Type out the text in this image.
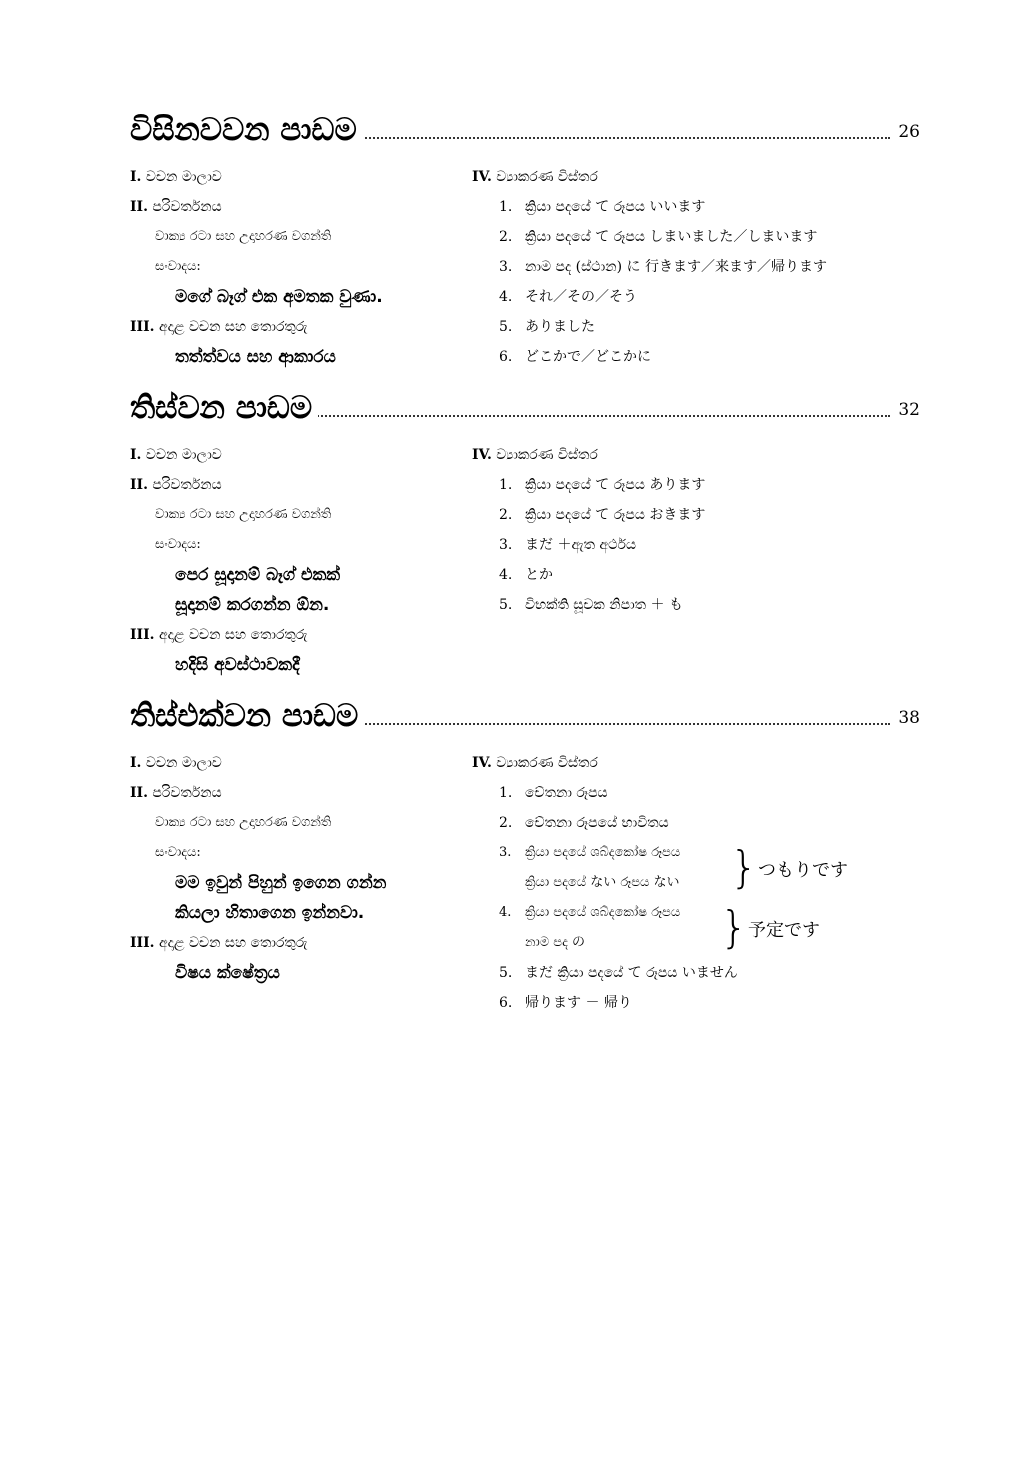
විසිනවවන පාඩම	26
I. වචන මාලාව
II. පරිවර්තනය
වාක්‍ය රටා සහ උදාහරණ වගන්ති
සංවාදය:
මගේ බෑග් එක අමතක වුණා.
III. අදාළ වචන සහ තොරතුරු
තත්ත්වය සහ ආකාරය
IV. ව්‍යාකරණ විස්තර
1. ක්‍රියා පදයේ て රූපය いいます
2. ක්‍රියා පදයේ て රූපය しまいました／しまいます
3. නාම පද (ස්ථාන) に 行きます／来ます／帰ります
4. それ／その／そう
5. ありました
6. どこかで／どこかに
තිස්වන පාඩම	32
I. වචන මාලාව
II. පරිවර්තනය
වාක්‍ය රටා සහ උදාහරණ වගන්ති
සංවාදය:
පෙර සූදානම් බෑග් එකක්
සූදානම් කරගන්න ඕන.
III. අදාළ වචන සහ තොරතුරු
හදිසි අවස්ථාවකදී
IV. ව්‍යාකරණ විස්තර
1. ක්‍රියා පදයේ て රූපය あります
2. ක්‍රියා පදයේ て රූපය おきます
3. まだ ＋ඇත අර්ථය
4. とか
5. විභක්ති සූචක නිපාත ＋ も
තිස්එක්වන පාඩම	38
I. වචන මාලාව
II. පරිවර්තනය
වාක්‍ය රටා සහ උදාහරණ වගන්ති
සංවාදය:
මම ඉවුන් පිහුන් ඉගෙන ගන්න
කියලා හිතාගෙන ඉන්නවා.
III. අදාළ වචන සහ තොරතුරු
විෂය ක්ෂේත්‍රය
IV. ව්‍යාකරණ විස්තර
1. චේතනා රූපය
2. චේතනා රූපයේ භාවිතය
3. ක්‍රියා පදයේ ශබ්දකෝෂ රූපය
ක්‍රියා පදයේ ない රූපය ない	} つもりです
4. ක්‍රියා පදයේ ශබ්දකෝෂ රූපය
නාම පද の	} 予定です
5. まだ ක්‍රියා පදයේ て රූපය いません
6. 帰ります － 帰り
